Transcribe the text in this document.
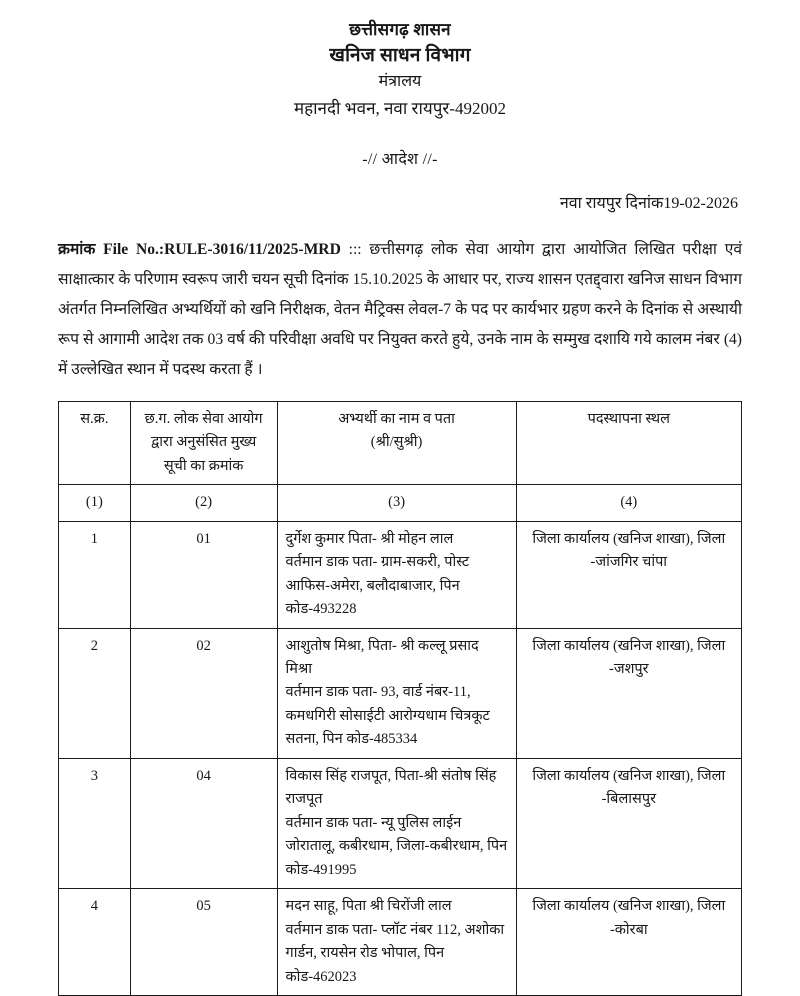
छत्तीसगढ़ शासन
खनिज साधन विभाग
मंत्रालय
महानदी भवन, नवा रायपुर-492002
-// आदेश //-
नवा रायपुर दिनांक19-02-2026
क्रमांक File No.:RULE-3016/11/2025-MRD ::: छत्तीसगढ़ लोक सेवा आयोग द्वारा आयोजित लिखित परीक्षा एवं साक्षात्कार के परिणाम स्वरूप जारी चयन सूची दिनांक 15.10.2025 के आधार पर, राज्य शासन एतद्द्वारा खनिज साधन विभाग अंतर्गत निम्नलिखित अभ्यर्थियों को खनि निरीक्षक, वेतन मैट्रिक्स लेवल-7 के पद पर कार्यभार ग्रहण करने के दिनांक से अस्थायी रूप से आगामी आदेश तक 03 वर्ष की परिवीक्षा अवधि पर नियुक्त करते हुये, उनके नाम के सम्मुख दशायि गये कालम नंबर (4) में उल्लेखित स्थान में पदस्थ करता हैं ।
स.क्र.	छ.ग. लोक सेवा आयोग द्वारा अनुसंसित मुख्य सूची का क्रमांक	अभ्यर्थी का नाम व पता
(श्री/सुश्री)	पदस्थापना स्थल
(1)	(2)	(3)	(4)
1	01	दुर्गेश कुमार पिता- श्री मोहन लाल
वर्तमान डाक पता- ग्राम-सकरी, पोस्ट आफिस-अमेरा, बलौदाबाजार, पिन कोड-493228	जिला कार्यालय (खनिज शाखा), जिला -जांजगिर चांपा
2	02	आशुतोष मिश्रा, पिता- श्री कल्लू प्रसाद मिश्रा
वर्तमान डाक पता- 93, वार्ड नंबर-11, कमधगिरी सोसाईटी आरोग्यधाम चित्रकूट सतना, पिन कोड-485334	जिला कार्यालय (खनिज शाखा), जिला -जशपुर
3	04	विकास सिंह राजपूत, पिता-श्री संतोष सिंह राजपूत
वर्तमान डाक पता- न्यू पुलिस लाईन जोरातालू, कबीरधाम, जिला-कबीरधाम, पिन कोड-491995	जिला कार्यालय (खनिज शाखा), जिला -बिलासपुर
4	05	मदन साहू, पिता श्री चिरोंजी लाल
वर्तमान डाक पता- प्लॉट नंबर 112, अशोका गार्डन, रायसेन रोड भोपाल, पिन कोड-462023	जिला कार्यालय (खनिज शाखा), जिला -कोरबा
